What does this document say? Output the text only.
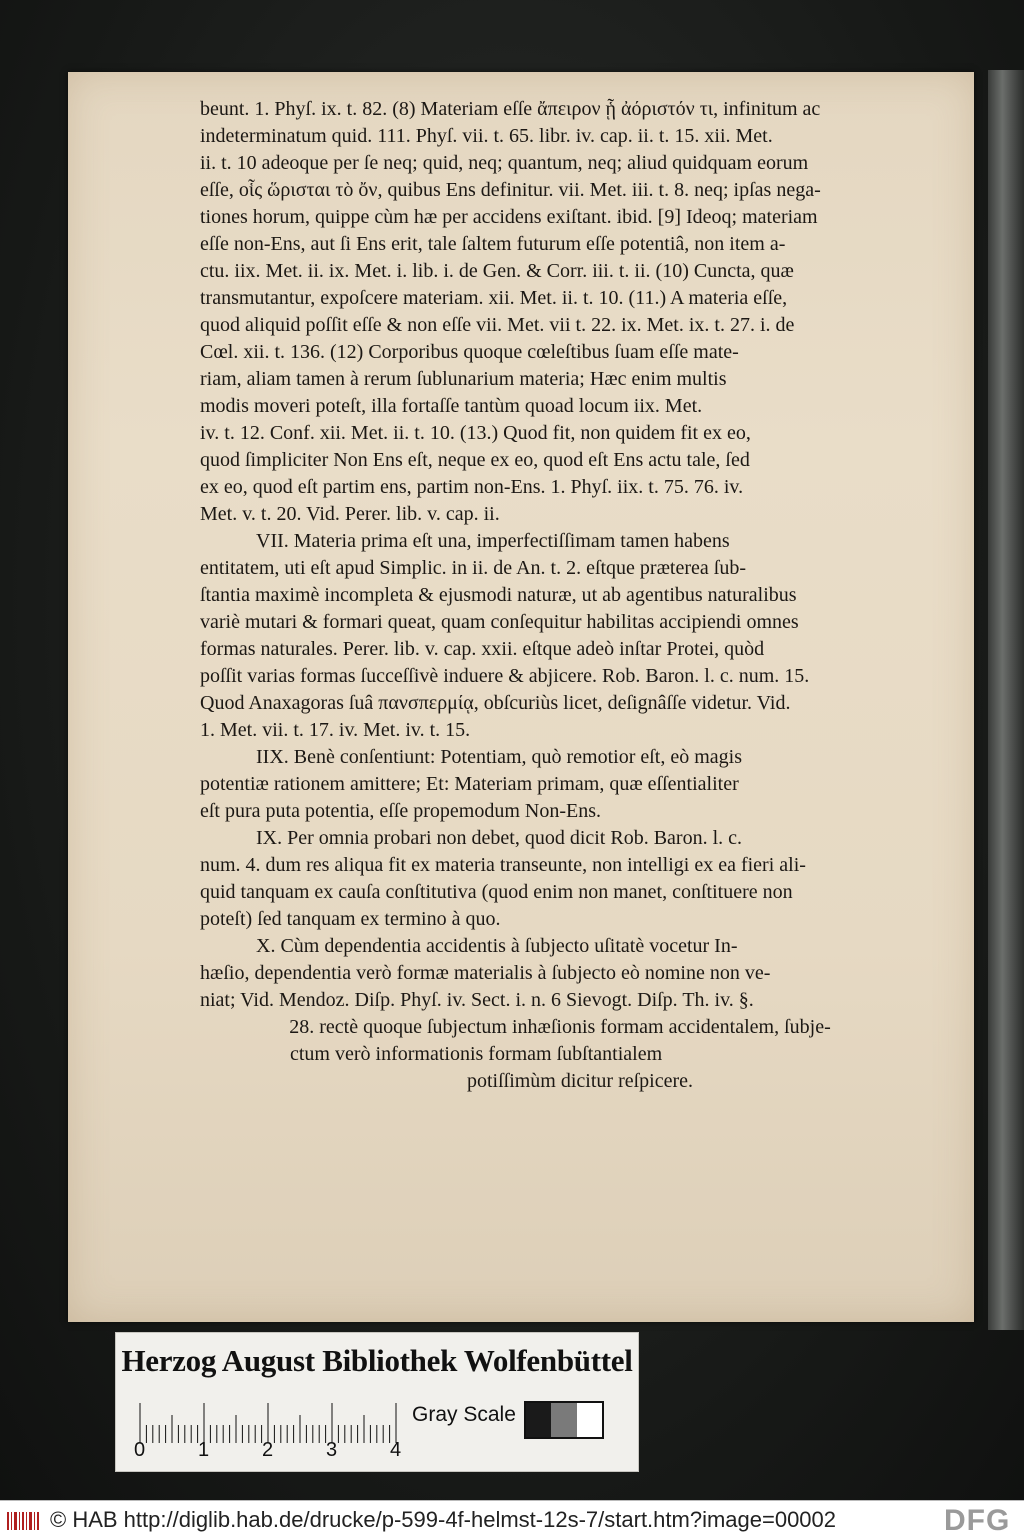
beunt. 1. Phyſ. ix. t. 82. (8) Materiam eſſe ἄπειρον ᾗ ἀόριστόν τι, infinitum ac

indeterminatum quid. 111. Phyſ. vii. t. 65. libr. iv. cap. ii. t. 15. xii. Met.

ii. t. 10 adeoque per ſe neq; quid, neq; quantum, neq; aliud quidquam eorum

eſſe, οἷς ὥρισται τὸ ὄν, quibus Ens definitur. vii. Met. iii. t. 8. neq; ipſas nega-

tiones horum, quippe cùm hæ per accidens exiſtant. ibid. [9] Ideoq; materiam

eſſe non-Ens, aut ſi Ens erit, tale ſaltem futurum eſſe potentiâ, non item a-

ctu. iix. Met. ii. ix. Met. i. lib. i. de Gen. & Corr. iii. t. ii. (10) Cuncta, quæ

transmutantur, expoſcere materiam. xii. Met. ii. t. 10. (11.) A materia eſſe,

quod aliquid poſſit eſſe & non eſſe vii. Met. vii t. 22. ix. Met. ix. t. 27. i. de

Cœl. xii. t. 136. (12) Corporibus quoque cœleſtibus ſuam eſſe mate-

riam, aliam tamen à rerum ſublunarium materia; Hæc enim multis

modis moveri poteſt, illa fortaſſe tantùm quoad locum iix. Met.

iv. t. 12. Conf. xii. Met. ii. t. 10. (13.) Quod fit, non quidem fit ex eo,

quod ſimpliciter Non Ens eſt, neque ex eo, quod eſt Ens actu tale, ſed

ex eo, quod eſt partim ens, partim non-Ens. 1. Phyſ. iix. t. 75. 76. iv.

Met. v. t. 20. Vid. Perer. lib. v. cap. ii.

VII. Materia prima eſt una, imperfectiſſimam tamen habens

entitatem, uti eſt apud Simplic. in ii. de An. t. 2. eſtque præterea ſub-

ſtantia maximè incompleta & ejusmodi naturæ, ut ab agentibus naturalibus

variè mutari & formari queat, quam conſequitur habilitas accipiendi omnes

formas naturales. Perer. lib. v. cap. xxii. eſtque adeò inſtar Protei, quòd

poſſit varias formas ſucceſſivè induere & abjicere. Rob. Baron. l. c. num. 15.

Quod Anaxagoras ſuâ πανσπερμίᾳ, obſcuriùs licet, deſignâſſe videtur. Vid.

1. Met. vii. t. 17. iv. Met. iv. t. 15.

IIX. Benè conſentiunt: Potentiam, quò remotior eſt, eò magis

potentiæ rationem amittere; Et: Materiam primam, quæ eſſentialiter

eſt pura puta potentia, eſſe propemodum Non-Ens.

IX. Per omnia probari non debet, quod dicit Rob. Baron. l. c.

num. 4. dum res aliqua fit ex materia transeunte, non intelligi ex ea fieri ali-

quid tanquam ex cauſa conſtitutiva (quod enim non manet, conſtituere non

poteſt) ſed tanquam ex termino à quo.

X. Cùm dependentia accidentis à ſubjecto uſitatè vocetur In-

hæſio, dependentia verò formæ materialis à ſubjecto eò nomine non ve-

niat; Vid. Mendoz. Diſp. Phyſ. iv. Sect. i. n. 6 Sievogt. Diſp. Th. iv. §.

28. rectè quoque ſubjectum inhæſionis formam accidentalem, ſubje-

ctum verò informationis formam ſubſtantialem

potiſſimùm dicitur reſpicere.

Herzog August Bibliothek Wolfenbüttel
0	1	2	3	4
Gray Scale
© HAB http://diglib.hab.de/drucke/p-599-4f-helmst-12s-7/start.htm?image=00002	DFG
